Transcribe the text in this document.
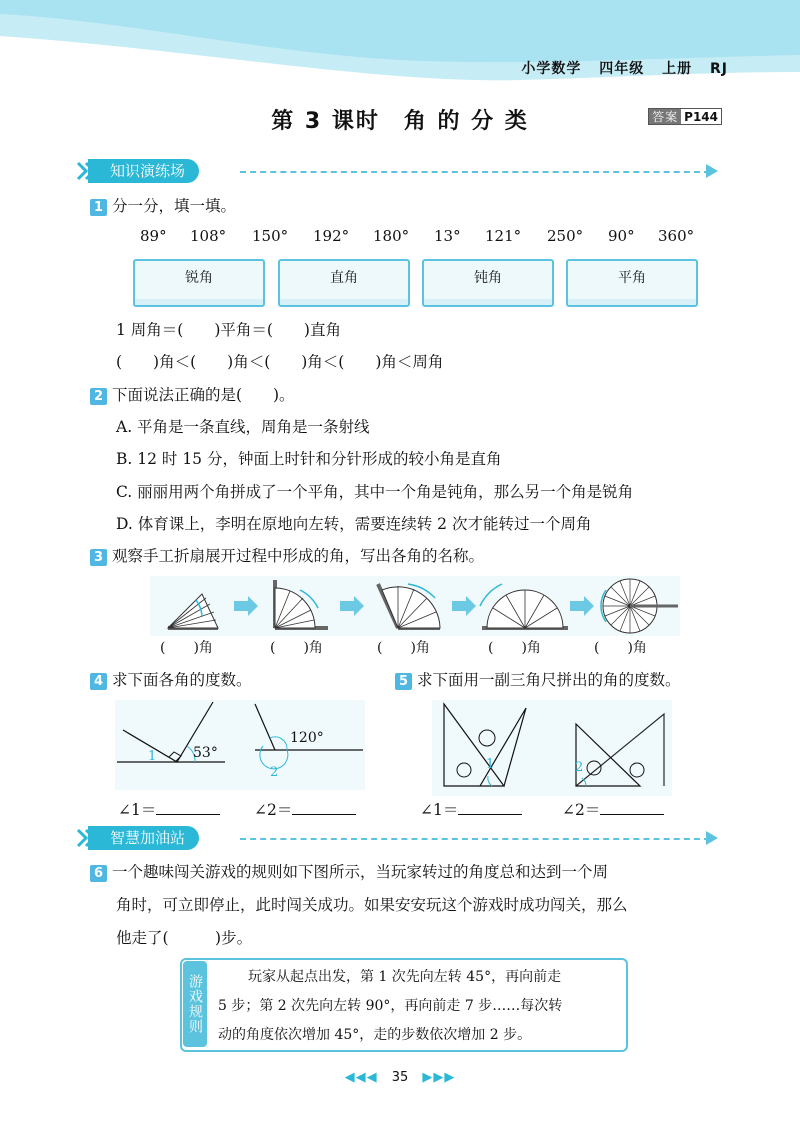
小学数学 四年级 上册 RJ
第 3 课时　角 的 分 类	答案 P144
知识演练场
1 分一分，填一填。
89° 108° 150° 192° 180° 13° 121° 250° 90° 360°
锐角	直角	钝角	平角
1 周角＝(　　)平角＝(　　)直角
(　　)角＜(　　)角＜(　　)角＜(　　)角＜周角
2 下面说法正确的是(　　)。
A. 平角是一条直线，周角是一条射线
B. 12 时 15 分，钟面上时针和分针形成的较小角是直角
C. 丽丽用两个角拼成了一个平角，其中一个角是钝角，那么另一个角是锐角
D. 体育课上，李明在原地向左转，需要连续转 2 次才能转过一个周角
3 观察手工折扇展开过程中形成的角，写出各角的名称。
(　　)角	(　　)角	(　　)角	(　　)角	(　　)角
4 求下面各角的度数。
53°
120°
1
2
∠1＝	∠2＝
5 求下面用一副三角尺拼出的角的度数。
1	2
∠1＝	∠2＝
智慧加油站
6 一个趣味闯关游戏的规则如下图所示，当玩家转过的角度总和达到一个周
角时，可立即停止，此时闯关成功。如果安安玩这个游戏时成功闯关，那么
他走了(　　　)步。
游戏规则	玩家从起点出发，第 1 次先向左转 45°，再向前走
5 步；第 2 次先向左转 90°，再向前走 7 步……每次转
动的角度依次增加 45°，走的步数依次增加 2 步。
◀◀◀ 35 ▶▶▶
